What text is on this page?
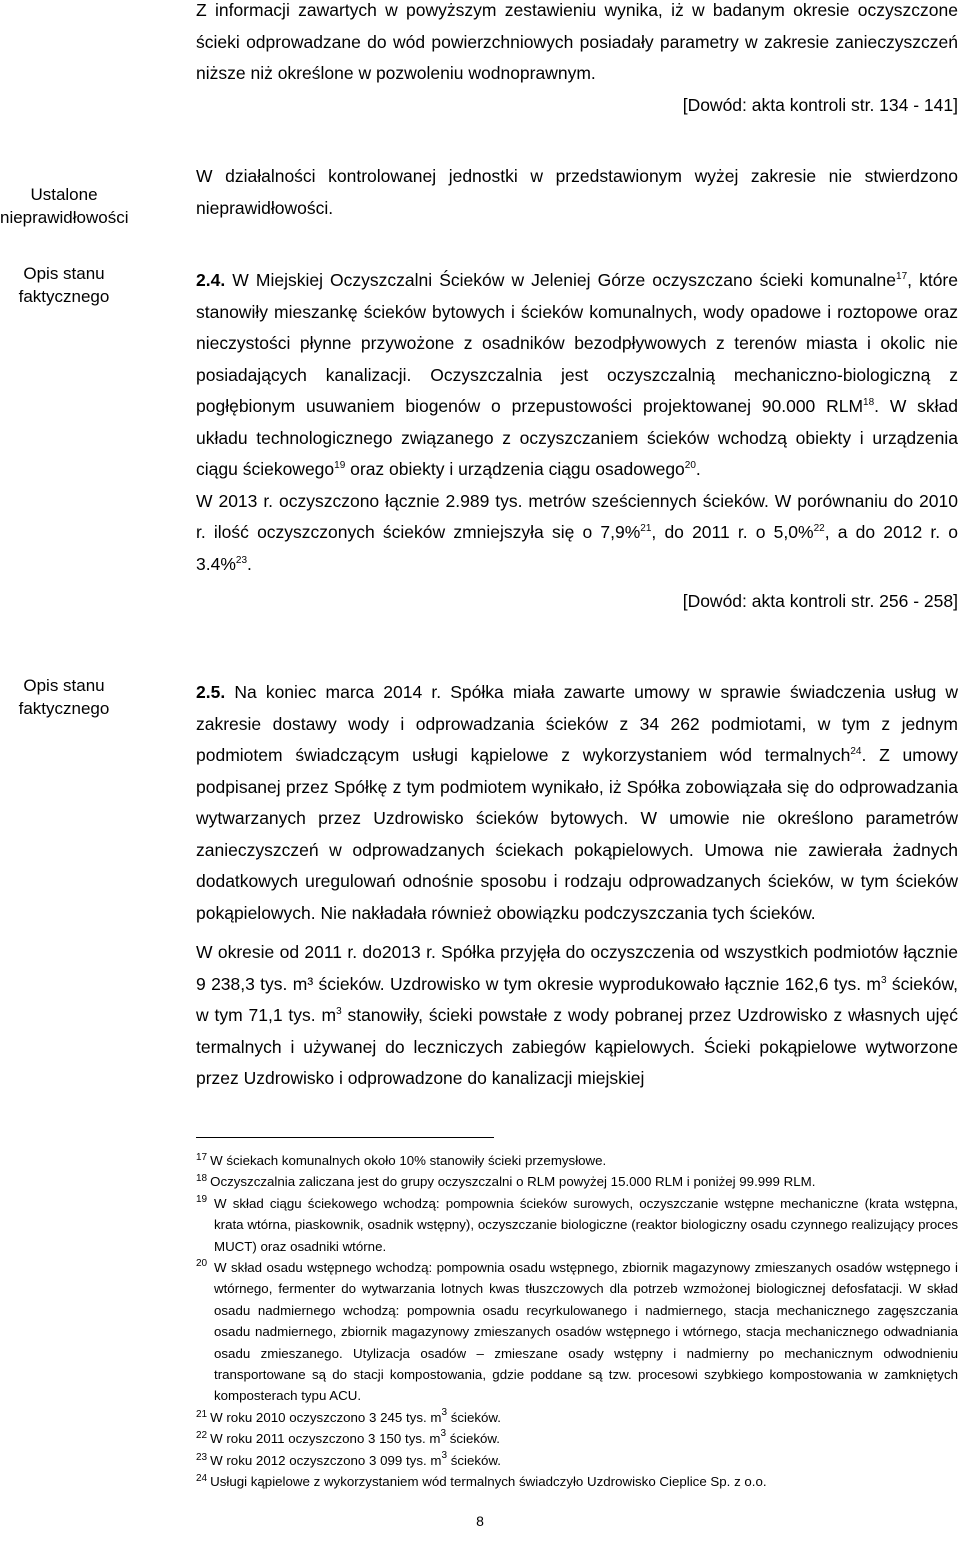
Z informacji zawartych w powyższym zestawieniu wynika, iż w badanym okresie oczyszczone ścieki odprowadzane do wód powierzchniowych posiadały parametry w zakresie zanieczyszczeń niższe niż określone w pozwoleniu wodnoprawnym.

[Dowód: akta kontroli str. 134 - 141]

Ustalone nieprawidłowości

W działalności kontrolowanej jednostki w przedstawionym wyżej zakresie nie stwierdzono nieprawidłowości.

Opis stanu faktycznego

2.4. W Miejskiej Oczyszczalni Ścieków w Jeleniej Górze oczyszczano ścieki komunalne$^{17}$, które stanowiły mieszankę ścieków bytowych i ścieków komunalnych, wody opadowe i roztopowe oraz nieczystości płynne przywożone z osadników bezodpływowych z terenów miasta i okolic nie posiadających kanalizacji. Oczyszczalnia jest oczyszczalnią mechaniczno-biologiczną z pogłębionym usuwaniem biogenów o przepustowości projektowanej 90.000 RLM$^{18}$. W skład układu technologicznego związanego z oczyszczaniem ścieków wchodzą obiekty i urządzenia ciągu ściekowego$^{19}$ oraz obiekty i urządzenia ciągu osadowego$^{20}$.

W 2013 r. oczyszczono łącznie 2.989 tys. metrów sześciennych ścieków. W porównaniu do 2010 r. ilość oczyszczonych ścieków zmniejszyła się o 7,9%$^{21}$, do 2011 r. o 5,0%$^{22}$, a do 2012 r. o 3.4%$^{23}$.

[Dowód: akta kontroli str. 256 - 258]

Opis stanu faktycznego

2.5. Na koniec marca 2014 r. Spółka miała zawarte umowy w sprawie świadczenia usług w zakresie dostawy wody i odprowadzania ścieków z 34 262 podmiotami, w tym z jednym podmiotem świadczącym usługi kąpielowe z wykorzystaniem wód termalnych$^{24}$. Z umowy podpisanej przez Spółkę z tym podmiotem wynikało, iż Spółka zobowiązała się do odprowadzania wytwarzanych przez Uzdrowisko ścieków bytowych. W umowie nie określono parametrów zanieczyszczeń w odprowadzanych ściekach pokąpielowych. Umowa nie zawierała żadnych dodatkowych uregulowań odnośnie sposobu i rodzaju odprowadzanych ścieków, w tym ścieków pokąpielowych. Nie nakładała również obowiązku podczyszczania tych ścieków.

W okresie od 2011 r. do2013 r. Spółka przyjęła do oczyszczenia od wszystkich podmiotów łącznie 9 238,3 tys. m³ ścieków. Uzdrowisko w tym okresie wyprodukowało łącznie 162,6 tys. $m^3$ ścieków, w tym 71,1 tys. $m^3$ stanowiły, ścieki powstałe z wody pobranej przez Uzdrowisko z własnych ujęć termalnych i używanej do leczniczych zabiegów kąpielowych. Ścieki pokąpielowe wytworzone przez Uzdrowisko i odprowadzone do kanalizacji miejskiej

$^{17}$ W ściekach komunalnych około 10% stanowiły ścieki przemysłowe.
$^{18}$ Oczyszczalnia zaliczana jest do grupy oczyszczalni o RLM powyżej 15.000 RLM i poniżej 99.999 RLM.
19 W skład ciągu ściekowego wchodzą: pompownia ścieków surowych, oczyszczanie wstępne mechaniczne (krata wstępna, krata wtórna, piaskownik, osadnik wstępny), oczyszczanie biologiczne (reaktor biologiczny osadu czynnego realizujący proces MUCT) oraz osadniki wtórne.
20 W skład osadu wstępnego wchodzą: pompownia osadu wstępnego, zbiornik magazynowy zmieszanych osadów wstępnego i wtórnego, fermenter do wytwarzania lotnych kwas tłuszczowych dla potrzeb wzmożonej biologicznej defosfatacji. W skład osadu nadmiernego wchodzą: pompownia osadu recyrkulowanego i nadmiernego, stacja mechanicznego zagęszczania osadu nadmiernego, zbiornik magazynowy zmieszanych osadów wstępnego i wtórnego, stacja mechanicznego odwadniania osadu zmieszanego. Utylizacja osadów – zmieszane osady wstępny i nadmierny po mechanicznym odwodnieniu transportowane są do stacji kompostowania, gdzie poddane są tzw. procesowi szybkiego kompostowania w zamkniętych komposterach typu ACU.
$^{21}$ W roku 2010 oczyszczono 3 245 tys. $m^3$ ścieków.
$^{22}$ W roku 2011 oczyszczono 3 150 tys. $m^3$ ścieków.
$^{23}$ W roku 2012 oczyszczono 3 099 tys. $m^3$ ścieków.
$^{24}$ Usługi kąpielowe z wykorzystaniem wód termalnych świadczyło Uzdrowisko Cieplice Sp. z o.o.
8
